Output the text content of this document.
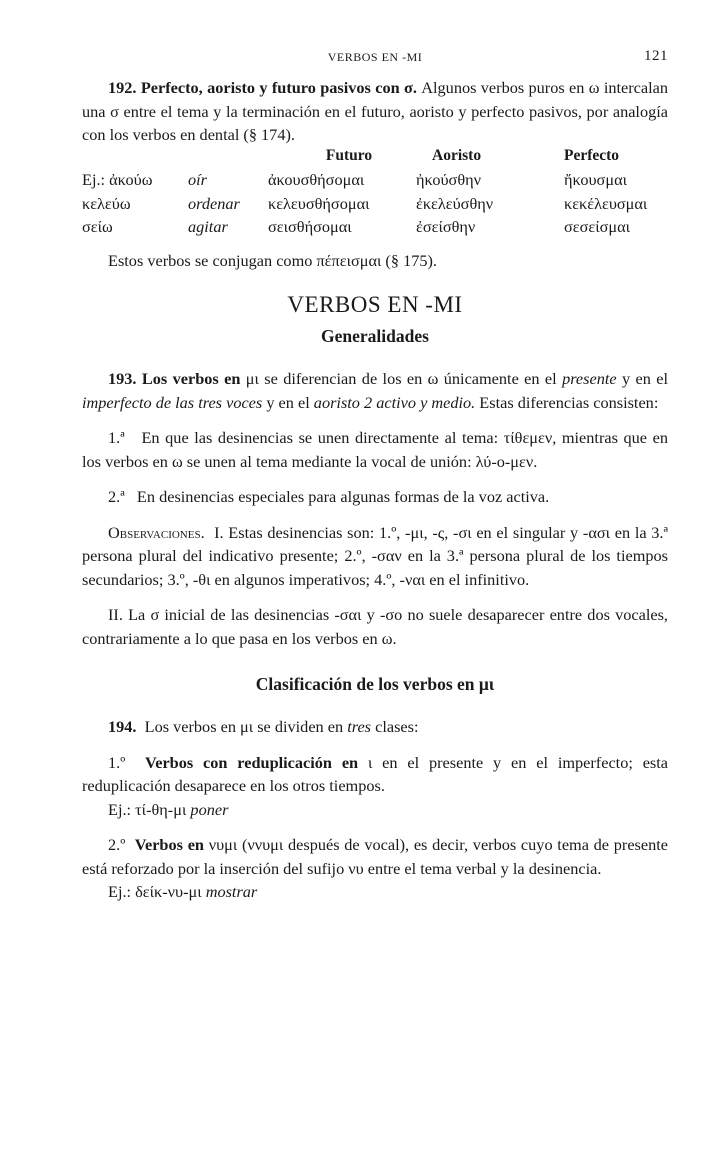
VERBOS EN -MI	121

192. Perfecto, aoristo y futuro pasivos con σ. Algunos verbos puros en ω intercalan una σ entre el tema y la terminación en el futuro, aoristo y perfecto pasivos, por analogía con los verbos en dental (§ 174).

		Futuro	Aoristo	Perfecto
Ej.: ἀκούω	oír	ἀκουσθήσομαι	ἠκούσθην	ἤκουσμαι
κελεύω	ordenar	κελευσθήσομαι	ἐκελεύσθην	κεκέλευσμαι
σείω	agitar	σεισθήσομαι	ἐσείσθην	σεσείσμαι

Estos verbos se conjugan como πέπεισμαι (§ 175).

VERBOS EN -MI
Generalidades

193. Los verbos en μι se diferencian de los en ω únicamente en el presente y en el imperfecto de las tres voces y en el aoristo 2 activo y medio. Estas diferencias consisten:

1.ª En que las desinencias se unen directamente al tema: τίθεμεν, mientras que en los verbos en ω se unen al tema mediante la vocal de unión: λύ-ο-μεν.

2.ª En desinencias especiales para algunas formas de la voz activa.

Observaciones. I. Estas desinencias son: 1.º, -μι, -ς, -σι en el singular y -ασι en la 3.ª persona plural del indicativo presente; 2.º, -σαν en la 3.ª persona plural de los tiempos secundarios; 3.º, -θι en algunos imperativos; 4.º, -ναι en el infinitivo.

II. La σ inicial de las desinencias -σαι y -σο no suele desaparecer entre dos vocales, contrariamente a lo que pasa en los verbos en ω.

Clasificación de los verbos en μι

194. Los verbos en μι se dividen en tres clases:

1.º Verbos con reduplicación en ι en el presente y en el imperfecto; esta reduplicación desaparece en los otros tiempos.

Ej.: τί-θη-μι poner

2.º Verbos en νυμι (ννυμι después de vocal), es decir, verbos cuyo tema de presente está reforzado por la inserción del sufijo νυ entre el tema verbal y la desinencia.

Ej.: δείκ-νυ-μι mostrar
